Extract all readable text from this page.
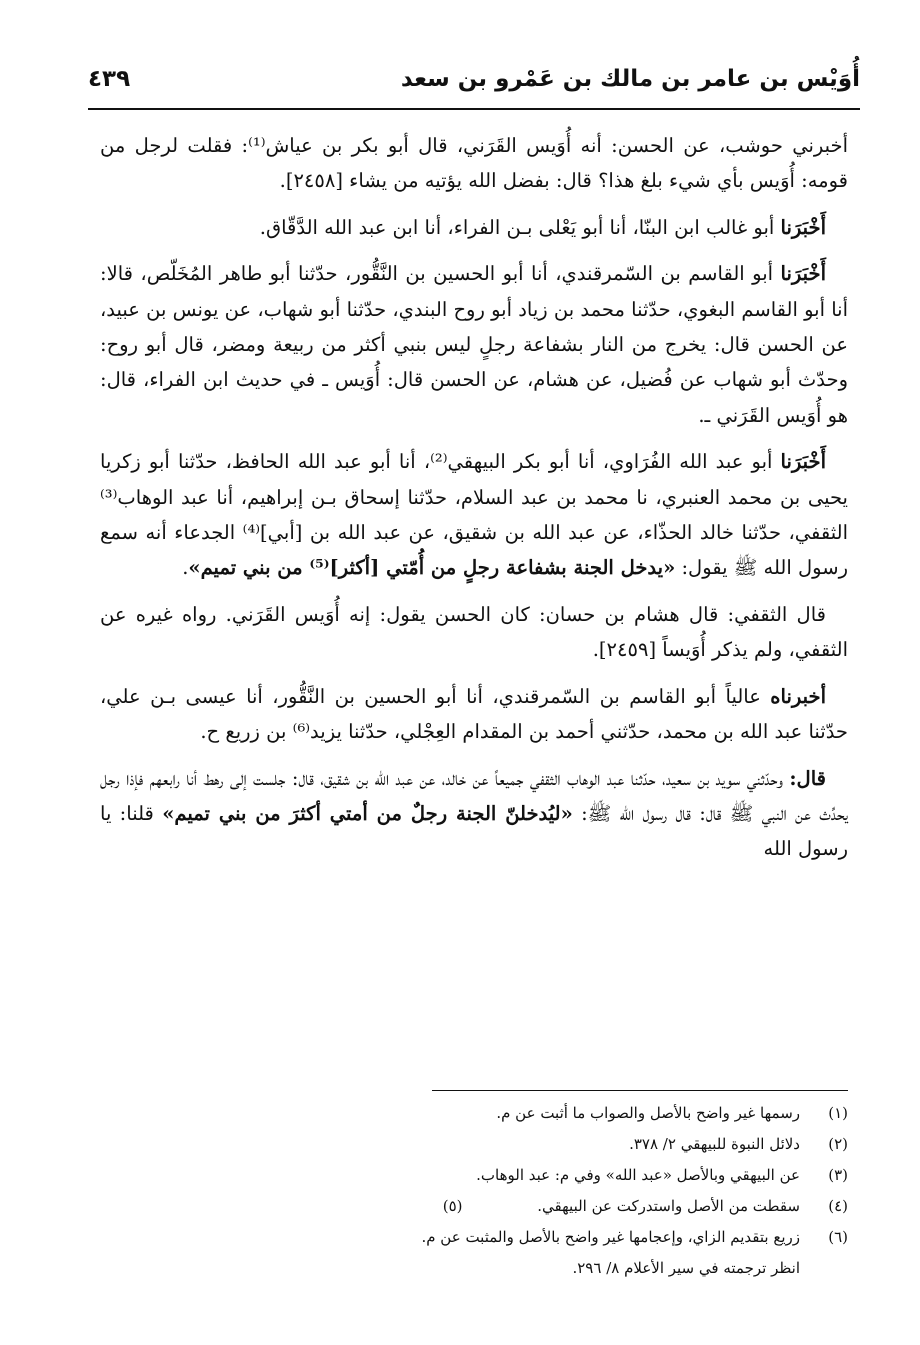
أُوَيْس بن عامر بن مالك بن عَمْرو بن سعد
٤٣٩

أخبرني حوشب، عن الحسن: أنه أُوَيس القَرَني، قال أبو بكر بن عياش⁽¹⁾: فقلت لرجل من قومه: أُوَيس بأي شيء بلغ هذا؟ قال: بفضل الله يؤتيه من يشاء [٢٤٥٨].

أَخْبَرَنا أبو غالب ابن البنّا، أنا أبو يَعْلى بـن الفراء، أنا ابن عبد الله الدَّقّاق.

أَخْبَرَنا أبو القاسم بن السّمرقندي، أنا أبو الحسين بن النَّقُّور، حدّثنا أبو طاهر المُخَلّص، قالا: أنا أبو القاسم البغوي، حدّثنا محمد بن زياد أبو روح البندي، حدّثنا أبو شهاب، عن يونس بن عبيد، عن الحسن قال: يخرج من النار بشفاعة رجلٍ ليس بنبي أكثر من ربيعة ومضر، قال أبو روح: وحدّث أبو شهاب عن فُضيل، عن هشام، عن الحسن قال: أُوَيس ـ في حديث ابن الفراء، قال: هو أُوَيس القَرَني ـ.

أَخْبَرَنا أبو عبد الله الفُرَاوي، أنا أبو بكر البيهقي⁽²⁾، أنا أبو عبد الله الحافظ، حدّثنا أبو زكريا يحيى بن محمد العنبري، نا محمد بن عبد السلام، حدّثنا إسحاق بـن إبراهيم، أنا عبد الوهاب⁽³⁾ الثقفي، حدّثنا خالد الحذّاء، عن عبد الله بن شقيق، عن عبد الله بن [أبي]⁽⁴⁾ الجدعاء أنه سمع رسول الله ﷺ يقول: «يدخل الجنة بشفاعة رجلٍ من أُمّتي [أكثر]⁽⁵⁾ من بني تميم».

قال الثقفي: قال هشام بن حسان: كان الحسن يقول: إنه أُوَيس القَرَني. رواه غيره عن الثقفي، ولم يذكر أُوَيساً [٢٤٥٩].

أخبرناه عالياً أبو القاسم بن السّمرقندي، أنا أبو الحسين بن النَّقُّور، أنا عيسى بـن علي، حدّثنا عبد الله بن محمد، حدّثني أحمد بن المقدام العِجْلي، حدّثنا يزيد⁽⁶⁾ بن زريع ح.

قال: وحدّثني سويد بن سعيد، حدّثنا عبد الوهاب الثقفي جميعاً عن خالد، عن عبد الله بن شقيق، قال: جلست إلى رهط أنا رابعهم فإذا رجل يحدِّث عن النبي ﷺ قال: قال رسول الله ﷺ: «ليُدخلنّ الجنة رجلٌ من أمتي أكثرَ من بني تميم» قلنا: يا رسول الله

(١)
رسمها غير واضح بالأصل والصواب ما أثبت عن م.
(٢)
دلائل النبوة للبيهقي ٢/ ٣٧٨.
(٣)
عن البيهقي وبالأصل «عبد الله» وفي م: عبد الوهاب.
(٤)
سقطت من الأصل واستدركت عن البيهقي. (٥)
(٦)
زريع بتقديم الزاي، وإعجامها غير واضح بالأصل والمثبت عن م.
انظر ترجمته في سير الأعلام ٨/ ٢٩٦.
